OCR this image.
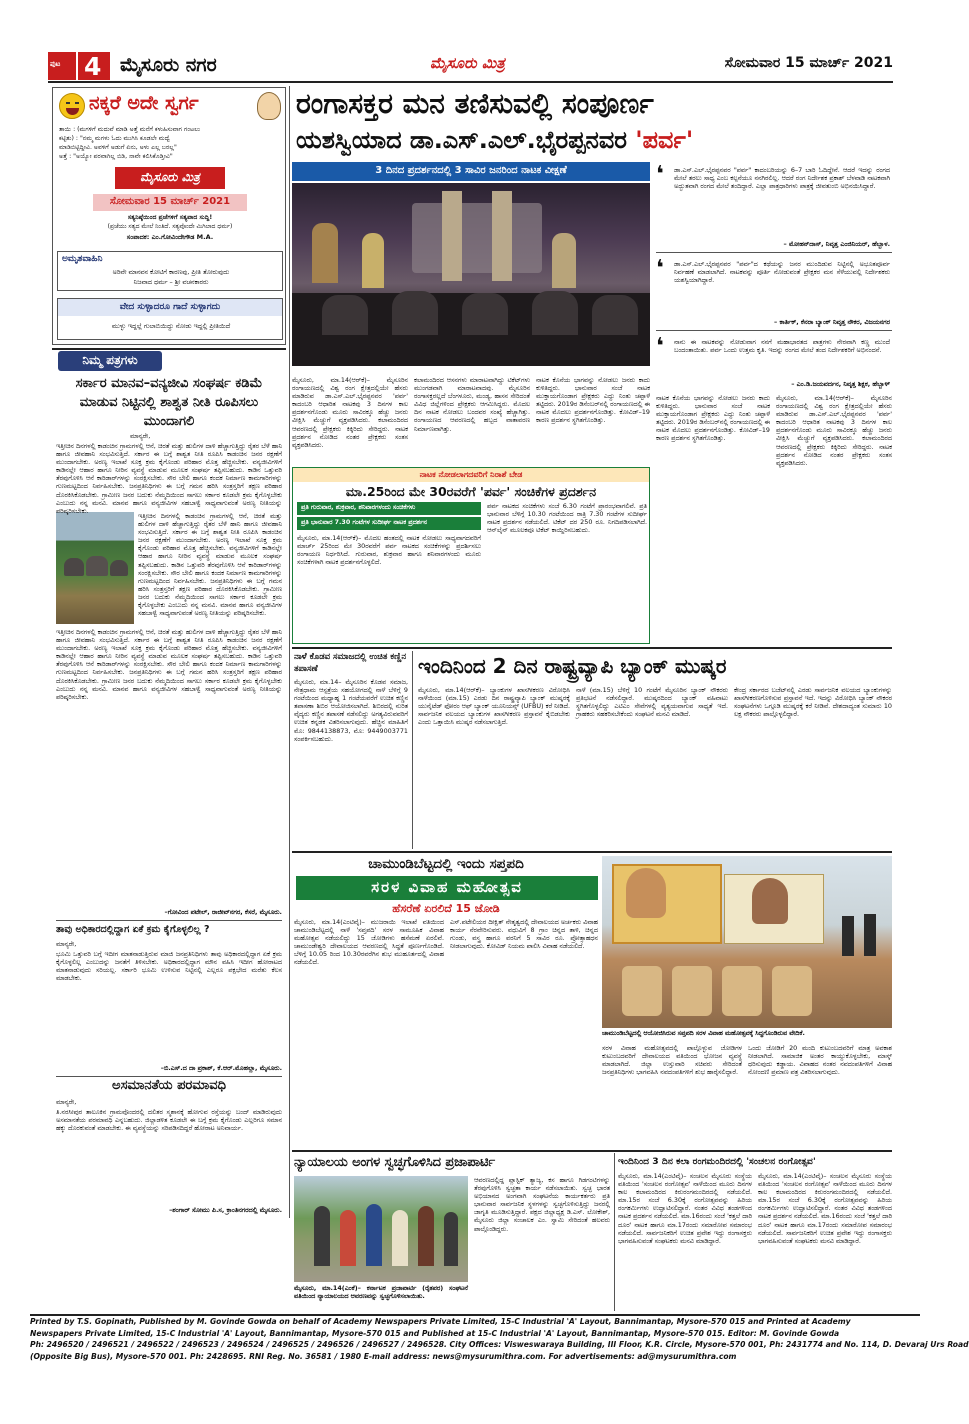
ಪುಟ 4 ಮೈಸೂರು ನಗರ	ಮೈಸೂರು ಮಿತ್ರ	ಸೋಮವಾರ 15 ಮಾರ್ಚ್ 2021
ನಕ್ಕರೆ ಅದೇ ಸ್ವರ್ಗ
ತಾಯಿ : (ಮಗಳಿಗೆ ಮದುವೆ ಮಾಡಿ ಅತ್ತೆ ಮನೆಗೆ ಕಳುಹಿಸುವಾಗ ಗಂಟಲು
ಕಟ್ಟಿತು) : "ನಮ್ಮ ಮಗಳು ಓದು ಮುಗಿಸಿ ಕೂಡಲೇ ಮದ್ವೆ
ಮಾಡಿಬಿಟ್ಟಿದ್ದೀವಿ. ಅವಳಿಗೆ ಅಡುಗೆ ಏನು, ಅಳು ಎಲ್ಲ ಬರಲ್ಲ"
ಅತ್ತೆ : "ಅಯ್ಯೋ ಪರವಾಗಿಲ್ಲ ಬಿಡಿ, ನಾವೇ ಕಲಿಸಿಕೊಡ್ತೀವಿ"
ಮೈಸೂರು ಮಿತ್ರ
ಸೋಮವಾರ 15 ಮಾರ್ಚ್ 2021
ಸತ್ಯನಿಷ್ಠೆಯಿಂದ ಪ್ರಜೆಗಳಿಗೆ ಸತ್ಯವಾದ ಸುದ್ದಿ!
(ಪ್ರಜೆಯು ಸತ್ಯದ ಮೇಲೆ ನಿಂತಿದೆ. ಸತ್ಯವೊಂದೇ ಮಿಗಿಲಾದ ಧರ್ಮ)
ಸಂಪಾದಕ: ಎಂ.ಗೋವಿಂದೇಗೌಡ M.A.
ಅಮೃತವಾಹಿನಿ
ಅರಿವೇ ಮಾನವನ ಕೋಟಿಗೆ ಕಾರಣವು, ಪ್ರೀತಿ ತೋರುವುದು
ನಿಜವಾದ ಧರ್ಮ – ಶ್ರೀ ವಚನಕಾರರು
ವೇದ ಸುಳ್ಳಾದರೂ ಗಾದೆ ಸುಳ್ಳಾಗದು
ಮುಳ್ಳು ಇದ್ದಲ್ಲೆ ಗುಲಾಬಿಯಿದ್ದು ನೋಡು ಇದ್ದಲ್ಲಿ ಪ್ರೀತಿಯಿದೆ
ನಿಮ್ಮ ಪತ್ರಗಳು
ಸರ್ಕಾರ ಮಾನವ–ವನ್ಯಜೀವಿ ಸಂಘರ್ಷ ಕಡಿಮೆ ಮಾಡುವ ನಿಟ್ಟಿನಲ್ಲಿ ಶಾಶ್ವತ ನೀತಿ ರೂಪಿಸಲು ಮುಂದಾಗಲಿ
ಮಾನ್ಯರೇ,
ಇತ್ತೀಚಿನ ದಿನಗಳಲ್ಲಿ ಕಾಡಂಚಿನ ಗ್ರಾಮಗಳಲ್ಲಿ ಆನೆ, ಚಿರತೆ ಮತ್ತು ಹುಲಿಗಳ ದಾಳಿ ಹೆಚ್ಚಾಗುತ್ತಿದ್ದು ರೈತರ ಬೆಳೆ ಹಾನಿ ಹಾಗೂ ಜೀವಹಾನಿ ಸಂಭವಿಸುತ್ತಿದೆ. ಸರ್ಕಾರ ಈ ಬಗ್ಗೆ ಶಾಶ್ವತ ನೀತಿ ರೂಪಿಸಿ ಕಾಡಂಚಿನ ಜನರ ರಕ್ಷಣೆಗೆ ಮುಂದಾಗಬೇಕು. ಅರಣ್ಯ ಇಲಾಖೆ ಸೂಕ್ತ ಕ್ರಮ ಕೈಗೊಂಡು ಪರಿಹಾರ ಮೊತ್ತ ಹೆಚ್ಚಿಸಬೇಕು. ವನ್ಯಜೀವಿಗಳಿಗೆ ಕಾಡಿನಲ್ಲೇ ಆಹಾರ ಹಾಗೂ ನೀರಿನ ವ್ಯವಸ್ಥೆ ಮಾಡುವ ಮೂಲಕ ಸಂಘರ್ಷ ತಪ್ಪಿಸಬಹುದು. ಕಾಡಿನ ಒತ್ತುವರಿ ತೆರವುಗೊಳಿಸಿ ಆನೆ ಕಾರಿಡಾರ್‌ಗಳನ್ನು ಸಂರಕ್ಷಿಸಬೇಕು. ಸೌರ ಬೇಲಿ ಹಾಗೂ ಕಂದಕ ನಿರ್ಮಾಣ ಕಾಮಗಾರಿಗಳನ್ನು ಗುಣಮಟ್ಟದಿಂದ ನಿರ್ವಹಿಸಬೇಕು. ಜನಪ್ರತಿನಿಧಿಗಳು ಈ ಬಗ್ಗೆ ಗಮನ ಹರಿಸಿ ಸಂತ್ರಸ್ತರಿಗೆ ತಕ್ಷಣ ಪರಿಹಾರ ದೊರಕಿಸಿಕೊಡಬೇಕು. ಗ್ರಾಮೀಣ ಜನರ ಬದುಕು ನೆಮ್ಮದಿಯಿಂದ ಸಾಗಲು ಸರ್ಕಾರ ಕೂಡಲೇ ಕ್ರಮ ಕೈಗೊಳ್ಳಬೇಕು ಎಂಬುದು ನನ್ನ ಮನವಿ. ಮಾನವ ಹಾಗೂ ವನ್ಯಜೀವಿಗಳ ಸಹಬಾಳ್ವೆ ಸಾಧ್ಯವಾಗುವಂತೆ ಅರಣ್ಯ ನೀತಿಯನ್ನು ಪರಿಷ್ಕರಿಸಬೇಕು.
ಇತ್ತೀಚಿನ ದಿನಗಳಲ್ಲಿ ಕಾಡಂಚಿನ ಗ್ರಾಮಗಳಲ್ಲಿ ಆನೆ, ಚಿರತೆ ಮತ್ತು ಹುಲಿಗಳ ದಾಳಿ ಹೆಚ್ಚಾಗುತ್ತಿದ್ದು ರೈತರ ಬೆಳೆ ಹಾನಿ ಹಾಗೂ ಜೀವಹಾನಿ ಸಂಭವಿಸುತ್ತಿದೆ. ಸರ್ಕಾರ ಈ ಬಗ್ಗೆ ಶಾಶ್ವತ ನೀತಿ ರೂಪಿಸಿ ಕಾಡಂಚಿನ ಜನರ ರಕ್ಷಣೆಗೆ ಮುಂದಾಗಬೇಕು. ಅರಣ್ಯ ಇಲಾಖೆ ಸೂಕ್ತ ಕ್ರಮ ಕೈಗೊಂಡು ಪರಿಹಾರ ಮೊತ್ತ ಹೆಚ್ಚಿಸಬೇಕು. ವನ್ಯಜೀವಿಗಳಿಗೆ ಕಾಡಿನಲ್ಲೇ ಆಹಾರ ಹಾಗೂ ನೀರಿನ ವ್ಯವಸ್ಥೆ ಮಾಡುವ ಮೂಲಕ ಸಂಘರ್ಷ ತಪ್ಪಿಸಬಹುದು. ಕಾಡಿನ ಒತ್ತುವರಿ ತೆರವುಗೊಳಿಸಿ ಆನೆ ಕಾರಿಡಾರ್‌ಗಳನ್ನು ಸಂರಕ್ಷಿಸಬೇಕು. ಸೌರ ಬೇಲಿ ಹಾಗೂ ಕಂದಕ ನಿರ್ಮಾಣ ಕಾಮಗಾರಿಗಳನ್ನು ಗುಣಮಟ್ಟದಿಂದ ನಿರ್ವಹಿಸಬೇಕು. ಜನಪ್ರತಿನಿಧಿಗಳು ಈ ಬಗ್ಗೆ ಗಮನ ಹರಿಸಿ ಸಂತ್ರಸ್ತರಿಗೆ ತಕ್ಷಣ ಪರಿಹಾರ ದೊರಕಿಸಿಕೊಡಬೇಕು. ಗ್ರಾಮೀಣ ಜನರ ಬದುಕು ನೆಮ್ಮದಿಯಿಂದ ಸಾಗಲು ಸರ್ಕಾರ ಕೂಡಲೇ ಕ್ರಮ ಕೈಗೊಳ್ಳಬೇಕು ಎಂಬುದು ನನ್ನ ಮನವಿ. ಮಾನವ ಹಾಗೂ ವನ್ಯಜೀವಿಗಳ ಸಹಬಾಳ್ವೆ ಸಾಧ್ಯವಾಗುವಂತೆ ಅರಣ್ಯ ನೀತಿಯನ್ನು ಪರಿಷ್ಕರಿಸಬೇಕು.
ಇತ್ತೀಚಿನ ದಿನಗಳಲ್ಲಿ ಕಾಡಂಚಿನ ಗ್ರಾಮಗಳಲ್ಲಿ ಆನೆ, ಚಿರತೆ ಮತ್ತು ಹುಲಿಗಳ ದಾಳಿ ಹೆಚ್ಚಾಗುತ್ತಿದ್ದು ರೈತರ ಬೆಳೆ ಹಾನಿ ಹಾಗೂ ಜೀವಹಾನಿ ಸಂಭವಿಸುತ್ತಿದೆ. ಸರ್ಕಾರ ಈ ಬಗ್ಗೆ ಶಾಶ್ವತ ನೀತಿ ರೂಪಿಸಿ ಕಾಡಂಚಿನ ಜನರ ರಕ್ಷಣೆಗೆ ಮುಂದಾಗಬೇಕು. ಅರಣ್ಯ ಇಲಾಖೆ ಸೂಕ್ತ ಕ್ರಮ ಕೈಗೊಂಡು ಪರಿಹಾರ ಮೊತ್ತ ಹೆಚ್ಚಿಸಬೇಕು. ವನ್ಯಜೀವಿಗಳಿಗೆ ಕಾಡಿನಲ್ಲೇ ಆಹಾರ ಹಾಗೂ ನೀರಿನ ವ್ಯವಸ್ಥೆ ಮಾಡುವ ಮೂಲಕ ಸಂಘರ್ಷ ತಪ್ಪಿಸಬಹುದು. ಕಾಡಿನ ಒತ್ತುವರಿ ತೆರವುಗೊಳಿಸಿ ಆನೆ ಕಾರಿಡಾರ್‌ಗಳನ್ನು ಸಂರಕ್ಷಿಸಬೇಕು. ಸೌರ ಬೇಲಿ ಹಾಗೂ ಕಂದಕ ನಿರ್ಮಾಣ ಕಾಮಗಾರಿಗಳನ್ನು ಗುಣಮಟ್ಟದಿಂದ ನಿರ್ವಹಿಸಬೇಕು. ಜನಪ್ರತಿನಿಧಿಗಳು ಈ ಬಗ್ಗೆ ಗಮನ ಹರಿಸಿ ಸಂತ್ರಸ್ತರಿಗೆ ತಕ್ಷಣ ಪರಿಹಾರ ದೊರಕಿಸಿಕೊಡಬೇಕು. ಗ್ರಾಮೀಣ ಜನರ ಬದುಕು ನೆಮ್ಮದಿಯಿಂದ ಸಾಗಲು ಸರ್ಕಾರ ಕೂಡಲೇ ಕ್ರಮ ಕೈಗೊಳ್ಳಬೇಕು ಎಂಬುದು ನನ್ನ ಮನವಿ. ಮಾನವ ಹಾಗೂ ವನ್ಯಜೀವಿಗಳ ಸಹಬಾಳ್ವೆ ಸಾಧ್ಯವಾಗುವಂತೆ ಅರಣ್ಯ ನೀತಿಯನ್ನು ಪರಿಷ್ಕರಿಸಬೇಕು.
–ಗೋವಿಂದ ಪಟೇಲ್, ರಾಜೀವ್‌ನಗರ, ಕೆಸರೆ, ಮೈಸೂರು.
ತಾವು ಅಧಿಕಾರದಲ್ಲಿದ್ದಾಗ ಏಕೆ ಕ್ರಮ ಕೈಗೊಳ್ಳಲಿಲ್ಲ ?
ಮಾನ್ಯರೇ,
ಭೂಮಿ ಒತ್ತುವರಿ ಬಗ್ಗೆ ಇದೀಗ ಮಾತನಾಡುತ್ತಿರುವ ಮಾಜಿ ಜನಪ್ರತಿನಿಧಿಗಳು ತಾವು ಅಧಿಕಾರದಲ್ಲಿದ್ದಾಗ ಏಕೆ ಕ್ರಮ ಕೈಗೊಳ್ಳಲಿಲ್ಲ ಎಂಬುದನ್ನು ಜನತೆಗೆ ತಿಳಿಸಬೇಕು. ಅಧಿಕಾರದಲ್ಲಿದ್ದಾಗ ಮೌನ ವಹಿಸಿ ಇದೀಗ ಹೋರಾಟದ ಮಾತನಾಡುವುದು ಸರಿಯಲ್ಲ. ಸರ್ಕಾರಿ ಭೂಮಿ ಉಳಿಸುವ ನಿಟ್ಟಿನಲ್ಲಿ ಎಲ್ಲರೂ ಪಕ್ಷಭೇದ ಮರೆತು ಕೆಲಸ ಮಾಡಬೇಕು.
–ಬಿ.ಎಸ್.ದ ದಾ ಪ್ರಕಾಶ್, ಕೆ.ಆರ್.ಮೊಹಲ್ಲಾ, ಮೈಸೂರು.
ಅಸಮಾನತೆಯ ಪರಮಾವಧಿ
ಮಾನ್ಯರೇ,
ತಿ.ನರಸೀಪುರ ತಾಲೂಕಿನ ಗ್ರಾಮವೊಂದರಲ್ಲಿ ದಲಿತರ ಸ್ಮಶಾನಕ್ಕೆ ಹೋಗುವ ರಸ್ತೆಯನ್ನು ಬಂದ್ ಮಾಡಿರುವುದು ಅಸಮಾನತೆಯ ಪರಮಾವಧಿ ಎನ್ನಬಹುದು. ಜಿಲ್ಲಾಡಳಿತ ಕೂಡಲೇ ಈ ಬಗ್ಗೆ ಕ್ರಮ ಕೈಗೊಂಡು ಎಲ್ಲರಿಗೂ ಸಮಾನ ಹಕ್ಕು ದೊರಕುವಂತೆ ಮಾಡಬೇಕು. ಈ ವ್ಯವಸ್ಥೆಯನ್ನು ಸರಿಪಡಿಸದಿದ್ದರೆ ಹೋರಾಟ ಅನಿವಾರ್ಯ.
–ಶಂಗಾರ್ ಸೋಮು ಪಿ.ಸ, ಕ್ರಾಂತಿನಗರದಲ್ಲಿ ಮೈಸೂರು.
ರಂಗಾಸಕ್ತರ ಮನ ತಣಿಸುವಲ್ಲಿ ಸಂಪೂರ್ಣ
ಯಶಸ್ವಿಯಾದ ಡಾ.ಎಸ್.ಎಲ್.ಭೈರಪ್ಪನವರ 'ಪರ್ವ'
3 ದಿನದ ಪ್ರದರ್ಶನದಲ್ಲಿ 3 ಸಾವಿರ ಜನರಿಂದ ನಾಟಕ ವೀಕ್ಷಣೆ	❛ ಡಾ.ಎಸ್.ಎಲ್.ಭೈರಪ್ಪನವರ "ಪರ್ವ" ಕಾದಂಬರಿಯನ್ನು 6–7 ಬಾರಿ ಓದಿದ್ದೇನೆ. ಆದರೆ ಇದನ್ನು ರಂಗದ ಮೇಲೆ ತರಲು ಸಾಧ್ಯ ಎಂಬ ಕಲ್ಪನೆಯೂ ನನಗಿರಲಿಲ್ಲ. ಆದರೆ ರಂಗ ನಿರ್ದೇಶಕ ಪ್ರಕಾಶ್ ಬೆಳವಾಡಿ ನಾಟಕವಾಗಿ ಅದ್ಭುತವಾಗಿ ರಂಗದ ಮೇಲೆ ತಂದಿದ್ದಾರೆ. ಎಲ್ಲಾ ಪಾತ್ರಧಾರಿಗಳು ಪಾತ್ರಕ್ಕೆ ಜೀವತುಂಬಿ ಅಭಿನಯಿಸಿದ್ದಾರೆ.
– ಮೋಹನ್‌ದಾಸ್, ನಿವೃತ್ತ ಎಂಜಿನಿಯರ್, ಹೆಬ್ಬಾಳ.
❛ ಡಾ.ಎಸ್.ಎಲ್.ಭೈರಪ್ಪನವರ "ಪರ್ವ"ದ ಕಥೆಯನ್ನು ಜನರ ಮುಂದಿಡುವ ನಿಟ್ಟಿನಲ್ಲಿ ಅಭೂತಪೂರ್ವ ನಿರ್ವಹಣೆ ಮಾಡಲಾಗಿದೆ. ನಾಟಕವನ್ನು ಪೂರ್ತಿ ನೋಡುವಂತೆ ಪ್ರೇಕ್ಷಕರ ಮನ ಸೆಳೆಯುವಲ್ಲಿ ನಿರ್ದೇಶಕರು ಯಶಸ್ವಿಯಾಗಿದ್ದಾರೆ.
– ಕಾರ್ತಿಕ್, ಕೆನರಾ ಬ್ಯಾಂಕ್ ನಿವೃತ್ತ ನೌಕರ, ವಿಜಯನಗರ
❛ ನಾನು ಈ ನಾಟಕವನ್ನು ನೋಡುವಾಗ ನನಗೆ ಮಹಾಭಾರತದ ಪಾತ್ರಗಳು ನೇರವಾಗಿ ಕಣ್ಣ ಮುಂದೆ ಬಂದಂತಾಯಿತು. ಪರ್ವ ಒಂದು ಉತ್ತಮ ಕೃತಿ. ಇದನ್ನು ರಂಗದ ಮೇಲೆ ತಂದ ನಿರ್ದೇಶಕರಿಗೆ ಅಭಿನಂದನೆ.
– ಎಂ.ಡಿ.ಜಯವರ್ದನ, ನಿವೃತ್ತ ಶಿಕ್ಷಕ, ಹೆಬ್ಬಾಳ್
ಮೈಸೂರು, ಮಾ.14(ಆರ್‌ಕೆ)– ಮೈಸೂರಿನ ರಂಗಾಯಣದಲ್ಲಿ ವಿಶ್ವ ರಂಗ ಕ್ಷೇತ್ರದಲ್ಲಿಯೇ ಹೆಸರು ಮಾಡಿರುವ ಡಾ.ಎಸ್.ಎಲ್.ಭೈರಪ್ಪನವರ 'ಪರ್ವ' ಕಾದಂಬರಿ ಆಧಾರಿತ ನಾಟಕವು 3 ದಿನಗಳ ಕಾಲ ಪ್ರದರ್ಶನಗೊಂಡು ಮೂರು ಸಾವಿರಕ್ಕೂ ಹೆಚ್ಚು ಜನರು ವೀಕ್ಷಿಸಿ ಮೆಚ್ಚುಗೆ ವ್ಯಕ್ತಪಡಿಸಿದರು. ಕಲಾಮಂದಿರದ ಆವರಣದಲ್ಲಿ ಪ್ರೇಕ್ಷಕರು ಕಿಕ್ಕಿರಿದು ಸೇರಿದ್ದರು. ನಾಟಕ ಪ್ರದರ್ಶನ ನೋಡಿದ ನಂತರ ಪ್ರೇಕ್ಷಕರು ಸಂತಸ ವ್ಯಕ್ತಪಡಿಸಿದರು.
ಕಲಾಮಂದಿರದ ಆಸನಗಳು ಮಾರಾಟವಾಗಿದ್ದು ಟಿಕೆಟ್‌ಗಳು ಮುಂಗಡವಾಗಿ ಮಾರಾಟವಾದವು. ಮೈಸೂರಿನ ರಂಗಾಸಕ್ತರಲ್ಲದೆ ಬೆಂಗಳೂರು, ಮಂಡ್ಯ, ಹಾಸನ ಸೇರಿದಂತೆ ವಿವಿಧ ಜಿಲ್ಲೆಗಳಿಂದ ಪ್ರೇಕ್ಷಕರು ಆಗಮಿಸಿದ್ದರು. ಮೊದಲ ದಿನ ನಾಟಕ ನೋಡಲು ಬಂದವರ ಸಂಖ್ಯೆ ಹೆಚ್ಚಾಗಿತ್ತು. ರಂಗಾಯಣದ ಆವರಣದಲ್ಲಿ ಹಬ್ಬದ ವಾತಾವರಣ ನಿರ್ಮಾಣವಾಗಿತ್ತು.
ನಾಟಕ ಕೊನೆಯ ಭಾಗವನ್ನು ನೋಡಲು ಜನರು ಕಾದು ಕುಳಿತಿದ್ದರು. ಭಾನುವಾರ ಸಂಜೆ ನಾಟಕ ಮುಕ್ತಾಯಗೊಂಡಾಗ ಪ್ರೇಕ್ಷಕರು ಎದ್ದು ನಿಂತು ಚಪ್ಪಾಳೆ ತಟ್ಟಿದರು. 2019ರ ಡಿಸೆಂಬರ್‌ನಲ್ಲಿ ರಂಗಾಯಣದಲ್ಲಿ ಈ ನಾಟಕ ಮೊದಲು ಪ್ರದರ್ಶನಗೊಂಡಿತ್ತು. ಕೋವಿಡ್–19 ಕಾರಣ ಪ್ರದರ್ಶನ ಸ್ಥಗಿತಗೊಂಡಿತ್ತು.
ನಾಟಕ ಕೊನೆಯ ಭಾಗವನ್ನು ನೋಡಲು ಜನರು ಕಾದು ಕುಳಿತಿದ್ದರು. ಭಾನುವಾರ ಸಂಜೆ ನಾಟಕ ಮುಕ್ತಾಯಗೊಂಡಾಗ ಪ್ರೇಕ್ಷಕರು ಎದ್ದು ನಿಂತು ಚಪ್ಪಾಳೆ ತಟ್ಟಿದರು. 2019ರ ಡಿಸೆಂಬರ್‌ನಲ್ಲಿ ರಂಗಾಯಣದಲ್ಲಿ ಈ ನಾಟಕ ಮೊದಲು ಪ್ರದರ್ಶನಗೊಂಡಿತ್ತು. ಕೋವಿಡ್–19 ಕಾರಣ ಪ್ರದರ್ಶನ ಸ್ಥಗಿತಗೊಂಡಿತ್ತು.
ಮೈಸೂರು, ಮಾ.14(ಆರ್‌ಕೆ)– ಮೈಸೂರಿನ ರಂಗಾಯಣದಲ್ಲಿ ವಿಶ್ವ ರಂಗ ಕ್ಷೇತ್ರದಲ್ಲಿಯೇ ಹೆಸರು ಮಾಡಿರುವ ಡಾ.ಎಸ್.ಎಲ್.ಭೈರಪ್ಪನವರ 'ಪರ್ವ' ಕಾದಂಬರಿ ಆಧಾರಿತ ನಾಟಕವು 3 ದಿನಗಳ ಕಾಲ ಪ್ರದರ್ಶನಗೊಂಡು ಮೂರು ಸಾವಿರಕ್ಕೂ ಹೆಚ್ಚು ಜನರು ವೀಕ್ಷಿಸಿ ಮೆಚ್ಚುಗೆ ವ್ಯಕ್ತಪಡಿಸಿದರು. ಕಲಾಮಂದಿರದ ಆವರಣದಲ್ಲಿ ಪ್ರೇಕ್ಷಕರು ಕಿಕ್ಕಿರಿದು ಸೇರಿದ್ದರು. ನಾಟಕ ಪ್ರದರ್ಶನ ನೋಡಿದ ನಂತರ ಪ್ರೇಕ್ಷಕರು ಸಂತಸ ವ್ಯಕ್ತಪಡಿಸಿದರು.
ನಾಟಕ ನೋಡಲಾಗದವರಿಗೆ ನಿರಾಶೆ ಬೇಡ
ಮಾ.25ರಿಂದ ಮೇ 30ರವರೆಗೆ 'ಪರ್ವ' ಸಂಚಿಕೆಗಳ ಪ್ರದರ್ಶನ
ಪ್ರತಿ ಗುರುವಾರ, ಶುಕ್ರವಾರ, ಶನಿವಾರಗಳಂದು ಸಂಚಿಕೆಗಳು
ಪ್ರತಿ ಭಾನುವಾರ 7.30 ಗಂಟೆಗಳ ಸುದೀರ್ಘ ನಾಟಕ ಪ್ರದರ್ಶನ
ಮೈಸೂರು, ಮಾ.14(ಆರ್‌ಕೆ)– ಮೊದಲ ಹಂತದಲ್ಲಿ ನಾಟಕ ನೋಡಲು ಸಾಧ್ಯವಾಗದವರಿಗೆ ಮಾರ್ಚ್ 25ರಿಂದ ಮೇ 30ರವರೆಗೆ ಪರ್ವ ನಾಟಕದ ಸಂಚಿಕೆಗಳನ್ನು ಪ್ರದರ್ಶಿಸಲು ರಂಗಾಯಣ ನಿರ್ಧರಿಸಿದೆ. ಗುರುವಾರ, ಶುಕ್ರವಾರ ಹಾಗೂ ಶನಿವಾರಗಳಂದು ಮೂರು ಸಂಚಿಕೆಗಳಾಗಿ ನಾಟಕ ಪ್ರದರ್ಶನಗೊಳ್ಳಲಿದೆ.
ಪರ್ವ ನಾಟಕದ ಸಂಚಿಕೆಗಳು ಸಂಜೆ 6.30 ಗಂಟೆಗೆ ಪ್ರಾರಂಭವಾಗಲಿವೆ. ಪ್ರತಿ ಭಾನುವಾರ ಬೆಳಿಗ್ಗೆ 10.30 ಗಂಟೆಯಿಂದ ರಾತ್ರಿ 7.30 ಗಂಟೆಗಳ ಸುದೀರ್ಘ ನಾಟಕ ಪ್ರದರ್ಶನ ನಡೆಯಲಿದೆ. ಟಿಕೆಟ್ ದರ 250 ರೂ. ನಿಗದಿಪಡಿಸಲಾಗಿದೆ. ಆನ್‌ಲೈನ್ ಮೂಲಕವೂ ಟಿಕೆಟ್ ಕಾಯ್ದಿರಿಸಬಹುದು.
ನಾಳೆ ಕೊಡವ ಸಮಾಜದಲ್ಲಿ ಉಚಿತ ಕಣ್ಣಿನ ತಪಾಸಣೆ
ಮೈಸೂರು, ಮಾ.14– ಮೈಸೂರಿನ ಕೊಡವ ಸಮಾಜ, ನೇತ್ರಧಾಮ ಆಸ್ಪತ್ರೆಯ ಸಹಯೋಗದಲ್ಲಿ ನಾಳೆ ಬೆಳಿಗ್ಗೆ 9 ಗಂಟೆಯಿಂದ ಮಧ್ಯಾಹ್ನ 1 ಗಂಟೆಯವರೆಗೆ ಉಚಿತ ಕಣ್ಣಿನ ತಪಾಸಣಾ ಶಿಬಿರ ಆಯೋಜಿಸಲಾಗಿದೆ. ಶಿಬಿರದಲ್ಲಿ ನುರಿತ ವೈದ್ಯರು ಕಣ್ಣಿನ ತಪಾಸಣೆ ನಡೆಸಲಿದ್ದು ಅಗತ್ಯವಿರುವವರಿಗೆ ಉಚಿತ ಕನ್ನಡಕ ವಿತರಿಸಲಾಗುವುದು. ಹೆಚ್ಚಿನ ಮಾಹಿತಿಗೆ ಮೊ: 9844138873, ಮೊ: 9449003771 ಸಂಪರ್ಕಿಸಬಹುದು.
ಇಂದಿನಿಂದ 2 ದಿನ ರಾಷ್ಟ್ರವ್ಯಾಪಿ ಬ್ಯಾಂಕ್ ಮುಷ್ಕರ
ಮೈಸೂರು, ಮಾ.14(ಆರ್‌ಕೆ)– ಬ್ಯಾಂಕುಗಳ ಖಾಸಗೀಕರಣ ವಿರೋಧಿಸಿ ನಾಳೆಯಿಂದ (ಮಾ.15) ಎರಡು ದಿನ ರಾಷ್ಟ್ರವ್ಯಾಪಿ ಬ್ಯಾಂಕ್ ಮುಷ್ಕರಕ್ಕೆ ಯುನೈಟೆಡ್ ಫೋರಂ ಆಫ್ ಬ್ಯಾಂಕ್ ಯೂನಿಯನ್ಸ್ (UFBU) ಕರೆ ನೀಡಿದೆ. ಸಾರ್ವಜನಿಕ ವಲಯದ ಬ್ಯಾಂಕುಗಳ ಖಾಸಗೀಕರಣ ಪ್ರಸ್ತಾವನೆ ಕೈಬಿಡಬೇಕು ಎಂದು ಒತ್ತಾಯಿಸಿ ಮುಷ್ಕರ ನಡೆಸಲಾಗುತ್ತಿದೆ.
ನಾಳೆ (ಮಾ.15) ಬೆಳಿಗ್ಗೆ 10 ಗಂಟೆಗೆ ಮೈಸೂರಿನ ಬ್ಯಾಂಕ್ ನೌಕರರು ಪ್ರತಿಭಟನೆ ನಡೆಸಲಿದ್ದಾರೆ. ಮುಷ್ಕರದಿಂದ ಬ್ಯಾಂಕ್ ವಹಿವಾಟು ಸ್ಥಗಿತಗೊಳ್ಳಲಿದ್ದು ಎಟಿಎಂ ಸೇವೆಗಳಲ್ಲಿ ವ್ಯತ್ಯಯವಾಗುವ ಸಾಧ್ಯತೆ ಇದೆ. ಗ್ರಾಹಕರು ಸಹಕರಿಸಬೇಕೆಂದು ಸಂಘಟನೆ ಮನವಿ ಮಾಡಿದೆ.
ಕೇಂದ್ರ ಸರ್ಕಾರದ ಬಜೆಟ್‌ನಲ್ಲಿ ಎರಡು ಸಾರ್ವಜನಿಕ ವಲಯದ ಬ್ಯಾಂಕುಗಳನ್ನು ಖಾಸಗೀಕರಣಗೊಳಿಸುವ ಪ್ರಸ್ತಾವನೆ ಇದೆ. ಇದನ್ನು ವಿರೋಧಿಸಿ ಬ್ಯಾಂಕ್ ನೌಕರರ ಸಂಘಟನೆಗಳು ಒಗ್ಗೂಡಿ ಮುಷ್ಕರಕ್ಕೆ ಕರೆ ನೀಡಿವೆ. ದೇಶದಾದ್ಯಂತ ಸುಮಾರು 10 ಲಕ್ಷ ನೌಕರರು ಪಾಲ್ಗೊಳ್ಳಲಿದ್ದಾರೆ.
ಚಾಮುಂಡಿಬೆಟ್ಟದಲ್ಲಿ ಇಂದು ಸಪ್ತಪದಿ
ಸರಳ ವಿವಾಹ ಮಹೋತ್ಸವ
ಹೆಸರೆಣೆ ಏರಲಿದೆ 15 ಜೋಡಿ
ಮೈಸೂರು, ಮಾ.14(ಎಂಟಿವೈ)– ಮುಜರಾಯಿ ಇಲಾಖೆ ವತಿಯಿಂದ ಚಾಮುಂಡಿಬೆಟ್ಟದಲ್ಲಿ ನಾಳೆ 'ಸಪ್ತಪದಿ' ಸರಳ ಸಾಮೂಹಿಕ ವಿವಾಹ ಮಹೋತ್ಸವ ನಡೆಯಲಿದ್ದು 15 ಜೋಡಿಗಳು ಹಸೆಮಣೆ ಏರಲಿವೆ. ಚಾಮುಂಡೇಶ್ವರಿ ದೇವಾಲಯದ ಆವರಣದಲ್ಲಿ ಸಿದ್ಧತೆ ಪೂರ್ಣಗೊಂಡಿದೆ. ಬೆಳಿಗ್ಗೆ 10.05 ರಿಂದ 10.30ರವರೆಗಿನ ಶುಭ ಮುಹೂರ್ತದಲ್ಲಿ ವಿವಾಹ ನಡೆಯಲಿದೆ.
ಎಸ್.ಪಟೇಲಿಯರ ದೀಕ್ಷಿತ್ ನೇತೃತ್ವದಲ್ಲಿ ದೇವಾಲಯದ ಅರ್ಚಕರು ವಿವಾಹ ಕಾರ್ಯ ನೆರವೇರಿಸುವರು. ವಧುವಿಗೆ 8 ಗ್ರಾಂ ಚಿನ್ನದ ತಾಳಿ, ಚಿನ್ನದ ಗುಂಡು, ವಸ್ತ್ರ ಹಾಗೂ ವರನಿಗೆ 5 ಸಾವಿರ ರೂ. ಪ್ರೋತ್ಸಾಹಧನ ನೀಡಲಾಗುವುದು. ಕೋವಿಡ್ ನಿಯಮ ಪಾಲಿಸಿ ವಿವಾಹ ನಡೆಯಲಿದೆ.
ಚಾಮುಂಡಿಬೆಟ್ಟದಲ್ಲಿ ಆಯೋಜಿಸಿರುವ ಸಪ್ತಪದಿ ಸರಳ ವಿವಾಹ ಮಹೋತ್ಸವಕ್ಕೆ ಸಿದ್ಧಗೊಂಡಿರುವ ವೇದಿಕೆ.
ಸರಳ ವಿವಾಹ ಮಹೋತ್ಸವದಲ್ಲಿ ಪಾಲ್ಗೊಳ್ಳುವ ಜೋಡಿಗಳ ಕುಟುಂಬದವರಿಗೆ ದೇವಾಲಯದ ವತಿಯಿಂದ ಭೋಜನ ವ್ಯವಸ್ಥೆ ಮಾಡಲಾಗಿದೆ. ಜಿಲ್ಲಾ ಉಸ್ತುವಾರಿ ಸಚಿವರು ಸೇರಿದಂತೆ ಜನಪ್ರತಿನಿಧಿಗಳು ಭಾಗವಹಿಸಿ ನವದಂಪತಿಗಳಿಗೆ ಶುಭ ಹಾರೈಸಲಿದ್ದಾರೆ.
ಒಂದು ಜೋಡಿಗೆ 20 ಮಂದಿ ಕುಟುಂಬದವರಿಗೆ ಮಾತ್ರ ಅವಕಾಶ ನೀಡಲಾಗಿದೆ. ಸಾಮಾಜಿಕ ಅಂತರ ಕಾಯ್ದುಕೊಳ್ಳಬೇಕು, ಮಾಸ್ಕ್ ಧರಿಸುವುದು ಕಡ್ಡಾಯ. ವಿವಾಹದ ನಂತರ ನವದಂಪತಿಗಳಿಗೆ ವಿವಾಹ ನೋಂದಣಿ ಪ್ರಮಾಣ ಪತ್ರ ವಿತರಿಸಲಾಗುವುದು.
ನ್ಯಾಯಾಲಯ ಅಂಗಳ ಸ್ವಚ್ಛಗೊಳಿಸಿದ ಪ್ರಜಾಪಾರ್ಟಿ
ಮೈಸೂರು, ಮಾ.14(ಎಂಕೆ)– ಕರ್ನಾಟಕ ಪ್ರಜಾಪಾರ್ಟಿ (ರೈತಪರ) ಸಂಘಟನೆ ವತಿಯಿಂದ ನ್ಯಾಯಾಲಯದ ಆವರಣವನ್ನು ಸ್ವಚ್ಛಗೊಳಿಸಲಾಯಿತು.
ಆವರಣದಲ್ಲಿದ್ದ ಪ್ಲಾಸ್ಟಿಕ್ ತ್ಯಾಜ್ಯ, ಕಸ ಹಾಗೂ ಗಿಡಗಂಟಿಗಳನ್ನು ತೆರವುಗೊಳಿಸಿ ಸ್ವಚ್ಛತಾ ಕಾರ್ಯ ನಡೆಸಲಾಯಿತು. ಸ್ವಚ್ಛ ಭಾರತ ಅಭಿಯಾನದ ಅಂಗವಾಗಿ ಸಂಘಟನೆಯ ಕಾರ್ಯಕರ್ತರು ಪ್ರತಿ ಭಾನುವಾರ ಸಾರ್ವಜನಿಕ ಸ್ಥಳಗಳನ್ನು ಸ್ವಚ್ಛಗೊಳಿಸುತ್ತಿದ್ದು ಜನರಲ್ಲಿ ಜಾಗೃತಿ ಮೂಡಿಸುತ್ತಿದ್ದಾರೆ. ಪಕ್ಷದ ಜಿಲ್ಲಾಧ್ಯಕ್ಷ ಡಿ.ಎಸ್. ಲೋಕೇಶ್, ಮೈಸೂರು ಜಿಲ್ಲಾ ಸಂಚಾಲಕ ಎಂ. ಸ್ವಾಮಿ ಸೇರಿದಂತೆ ಹಲವರು ಪಾಲ್ಗೊಂಡಿದ್ದರು.
ಇಂದಿನಿಂದ 3 ದಿನ ಕಲಾ ರಂಗಮಂದಿರದಲ್ಲಿ 'ಸಂಚಲನ ರಂಗೋತ್ಸವ'
ಮೈಸೂರು, ಮಾ.14(ಎಂಟಿವೈ)– ಸಂಚಲನ ಮೈಸೂರು ಸಂಸ್ಥೆಯ ವತಿಯಿಂದ 'ಸಂಚಲನ ರಂಗೋತ್ಸವ' ನಾಳೆಯಿಂದ ಮೂರು ದಿನಗಳ ಕಾಲ ಕಲಾಮಂದಿರದ ಕಿರುರಂಗಮಂದಿರದಲ್ಲಿ ನಡೆಯಲಿದೆ. ಮಾ.15ರ ಸಂಜೆ 6.30ಕ್ಕೆ ರಂಗೋತ್ಸವವನ್ನು ಹಿರಿಯ ರಂಗಕರ್ಮಿಗಳು ಉದ್ಘಾಟಿಸಲಿದ್ದಾರೆ. ನಂತರ ವಿವಿಧ ತಂಡಗಳಿಂದ ನಾಟಕ ಪ್ರದರ್ಶನ ನಡೆಯಲಿದೆ. ಮಾ.16ರಂದು ಸಂಜೆ 'ಕತ್ತಲೆ ದಾರಿ ದೂರ' ನಾಟಕ ಹಾಗೂ ಮಾ.17ರಂದು ಸಮಾರೋಪ ಸಮಾರಂಭ ನಡೆಯಲಿದೆ. ಸಾರ್ವಜನಿಕರಿಗೆ ಉಚಿತ ಪ್ರವೇಶ ಇದ್ದು ರಂಗಾಸಕ್ತರು ಭಾಗವಹಿಸುವಂತೆ ಸಂಘಟಕರು ಮನವಿ ಮಾಡಿದ್ದಾರೆ.
ಮೈಸೂರು, ಮಾ.14(ಎಂಟಿವೈ)– ಸಂಚಲನ ಮೈಸೂರು ಸಂಸ್ಥೆಯ ವತಿಯಿಂದ 'ಸಂಚಲನ ರಂಗೋತ್ಸವ' ನಾಳೆಯಿಂದ ಮೂರು ದಿನಗಳ ಕಾಲ ಕಲಾಮಂದಿರದ ಕಿರುರಂಗಮಂದಿರದಲ್ಲಿ ನಡೆಯಲಿದೆ. ಮಾ.15ರ ಸಂಜೆ 6.30ಕ್ಕೆ ರಂಗೋತ್ಸವವನ್ನು ಹಿರಿಯ ರಂಗಕರ್ಮಿಗಳು ಉದ್ಘಾಟಿಸಲಿದ್ದಾರೆ. ನಂತರ ವಿವಿಧ ತಂಡಗಳಿಂದ ನಾಟಕ ಪ್ರದರ್ಶನ ನಡೆಯಲಿದೆ. ಮಾ.16ರಂದು ಸಂಜೆ 'ಕತ್ತಲೆ ದಾರಿ ದೂರ' ನಾಟಕ ಹಾಗೂ ಮಾ.17ರಂದು ಸಮಾರೋಪ ಸಮಾರಂಭ ನಡೆಯಲಿದೆ. ಸಾರ್ವಜನಿಕರಿಗೆ ಉಚಿತ ಪ್ರವೇಶ ಇದ್ದು ರಂಗಾಸಕ್ತರು ಭಾಗವಹಿಸುವಂತೆ ಸಂಘಟಕರು ಮನವಿ ಮಾಡಿದ್ದಾರೆ.
Printed by T.S. Gopinath, Published by M. Govinde Gowda on behalf of Academy Newspapers Private Limited, 15-C Industrial 'A' Layout, Bannimantap, Mysore-570 015 and Printed at Academy
Newspapers Private Limited, 15-C Industrial 'A' Layout, Bannimantap, Mysore-570 015 and Published at 15-C Industrial 'A' Layout, Bannimantap, Mysore-570 015. Editor: M. Govinde Gowda
Ph: 2496520 / 2496521 / 2496522 / 2496523 / 2496524 / 2496525 / 2496526 / 2496527 / 2496528. City Offices: Visweswaraya Building, III Floor, K.R. Circle, Mysore-570 001, Ph: 2431774 and No. 114, D. Devaraj Urs Road
(Opposite Big Bus), Mysore-570 001. Ph: 2428695. RNI Reg. No. 36581 / 1980 E-mail address: news@mysurumithra.com. For advertisements: ad@mysurumithra.com
